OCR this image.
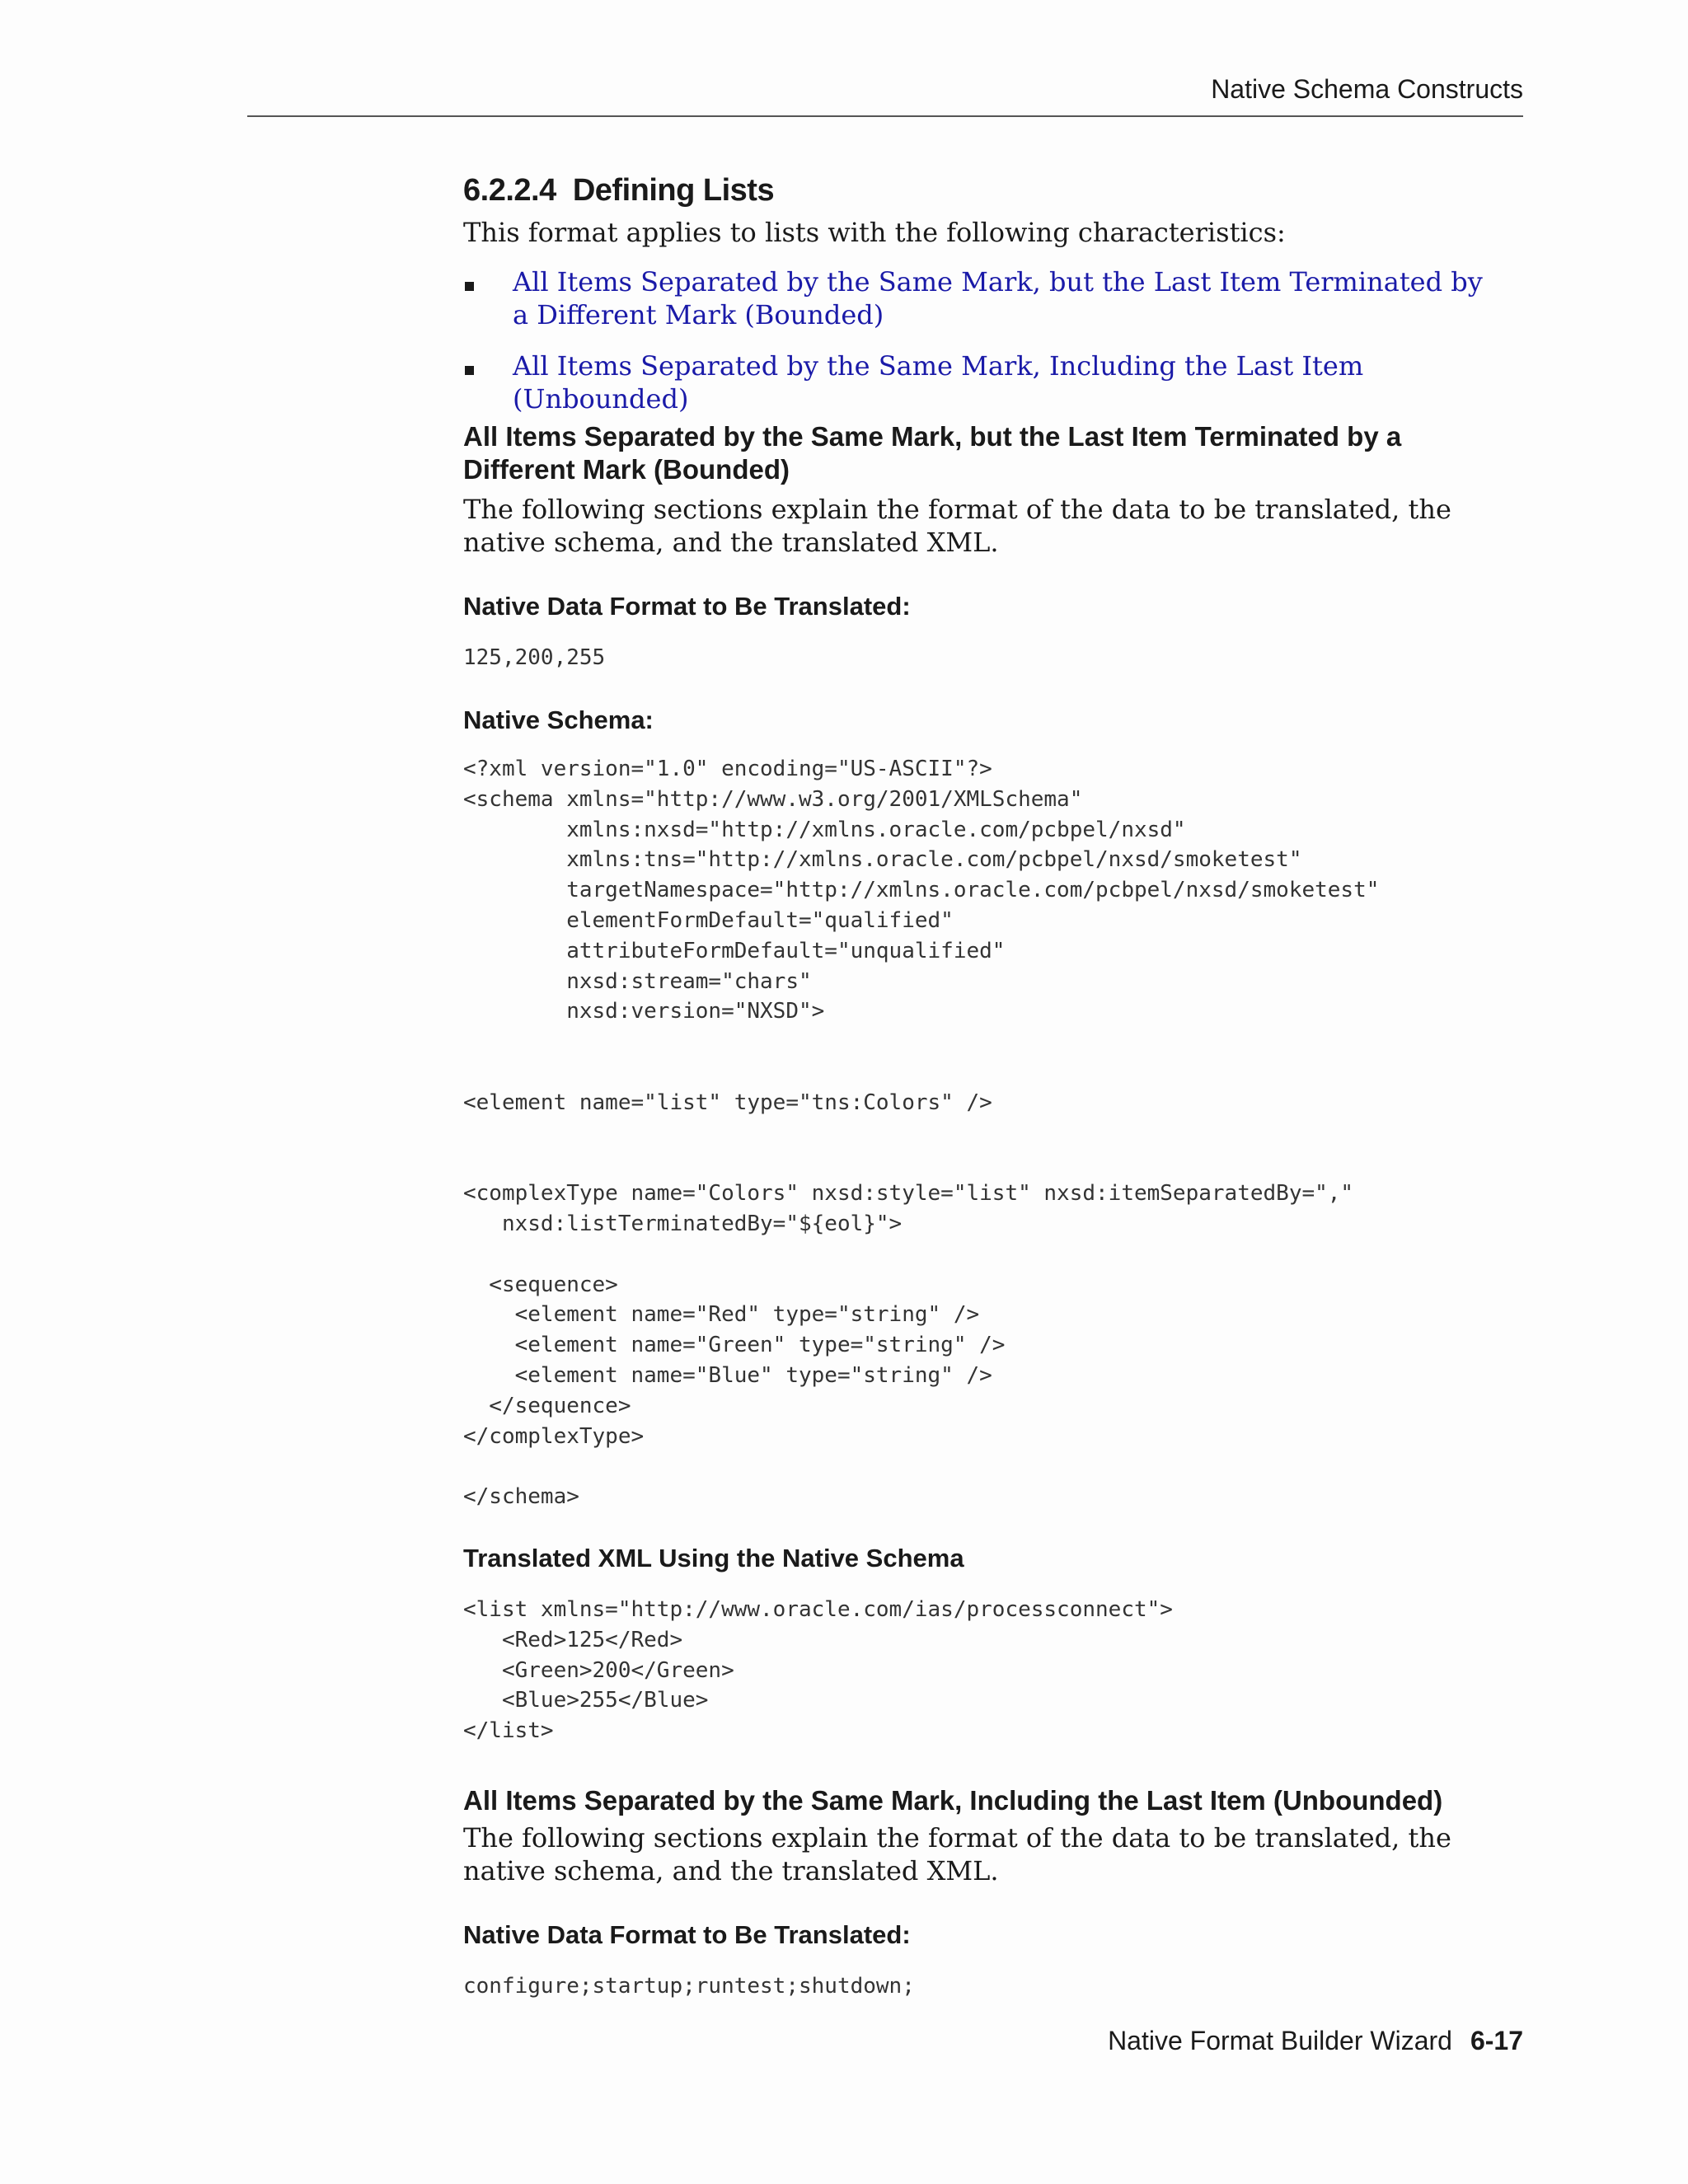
Native Schema Constructs
6.2.2.4 Defining Lists
This format applies to lists with the following characteristics:
All Items Separated by the Same Mark, but the Last Item Terminated by a Different Mark (Bounded)
All Items Separated by the Same Mark, Including the Last Item (Unbounded)
All Items Separated by the Same Mark, but the Last Item Terminated by a Different Mark (Bounded)
The following sections explain the format of the data to be translated, the native schema, and the translated XML.
Native Data Format to Be Translated:
125,200,255
Native Schema:
<?xml version="1.0" encoding="US-ASCII"?>
<schema xmlns="http://www.w3.org/2001/XMLSchema"
xmlns:nxsd="http://xmlns.oracle.com/pcbpel/nxsd"
xmlns:tns="http://xmlns.oracle.com/pcbpel/nxsd/smoketest"
targetNamespace="http://xmlns.oracle.com/pcbpel/nxsd/smoketest"
elementFormDefault="qualified"
attributeFormDefault="unqualified"
nxsd:stream="chars"
nxsd:version="NXSD">

<element name="list" type="tns:Colors" />

<complexType name="Colors" nxsd:style="list" nxsd:itemSeparatedBy=","
nxsd:listTerminatedBy="${eol}">

<sequence>
<element name="Red" type="string" />
<element name="Green" type="string" />
<element name="Blue" type="string" />
</sequence>
</complexType>

</schema>
Translated XML Using the Native Schema
<list xmlns="http://www.oracle.com/ias/processconnect">
<Red>125</Red>
<Green>200</Green>
<Blue>255</Blue>
</list>
All Items Separated by the Same Mark, Including the Last Item (Unbounded)
The following sections explain the format of the data to be translated, the native schema, and the translated XML.
Native Data Format to Be Translated:
configure;startup;runtest;shutdown;
Native Format Builder Wizard 6-17
